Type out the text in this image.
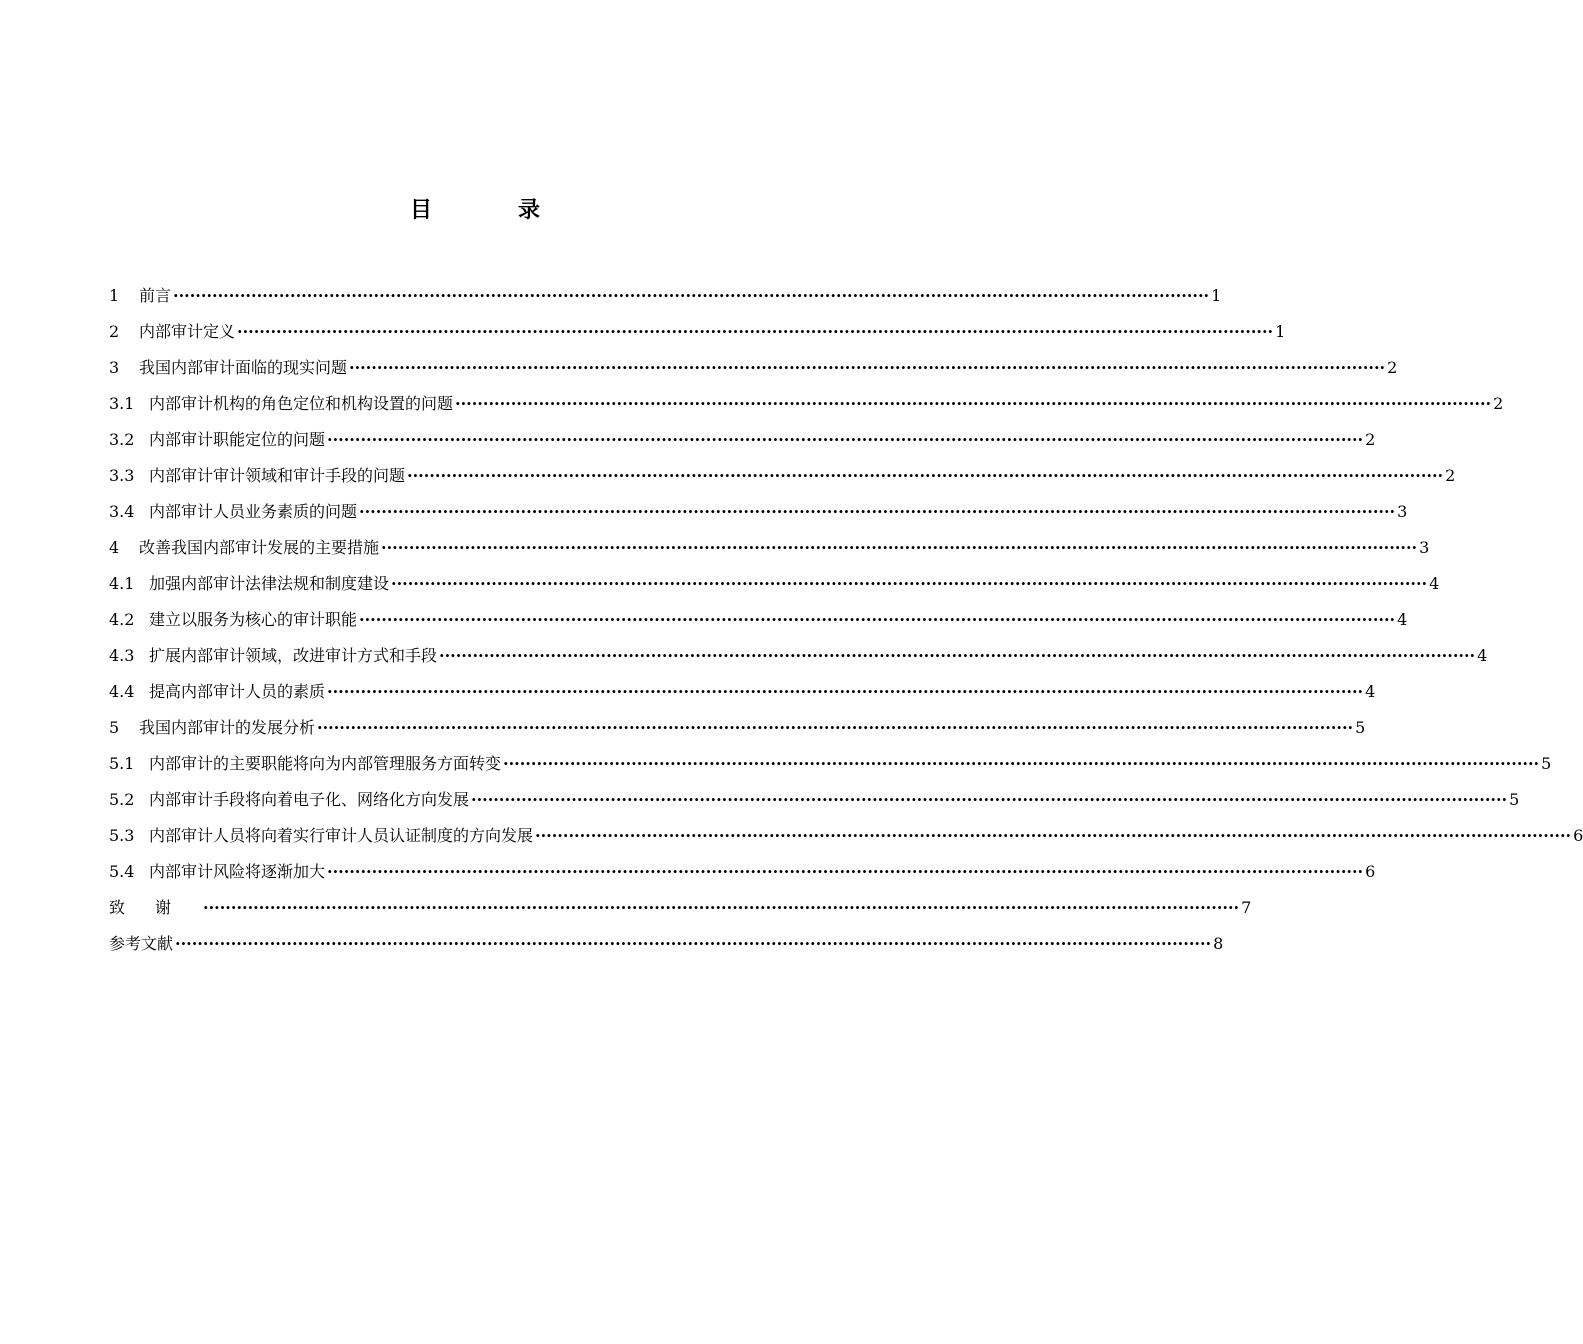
目　录
1	前言 ·····	1
2	内部审计定义 ·····	1
3	我国内部审计面临的现实问题 ·····	2
3.1 内部审计机构的角色定位和机构设置的问题 ·····	2
3.2 内部审计职能定位的问题 ·····	2
3.3 内部审计审计领域和审计手段的问题 ·····	2
3.4 内部审计人员业务素质的问题 ·····	3
4	改善我国内部审计发展的主要措施 ·····	3
4.1 加强内部审计法律法规和制度建设 ·····	4
4.2 建立以服务为核心的审计职能 ·····	4
4.3 扩展内部审计领域，改进审计方式和手段 ·····	4
4.4 提高内部审计人员的素质 ·····	4
5	我国内部审计的发展分析 ·····	5
5.1 内部审计的主要职能将向为内部管理服务方面转变 ·····	5
5.2 内部审计手段将向着电子化、网络化方向发展 ·····	5
5.3 内部审计人员将向着实行审计人员认证制度的方向发展 ·····	6
5.4 内部审计风险将逐渐加大 ·····	6
致谢 ·····	7
参考文献 ·····	8
